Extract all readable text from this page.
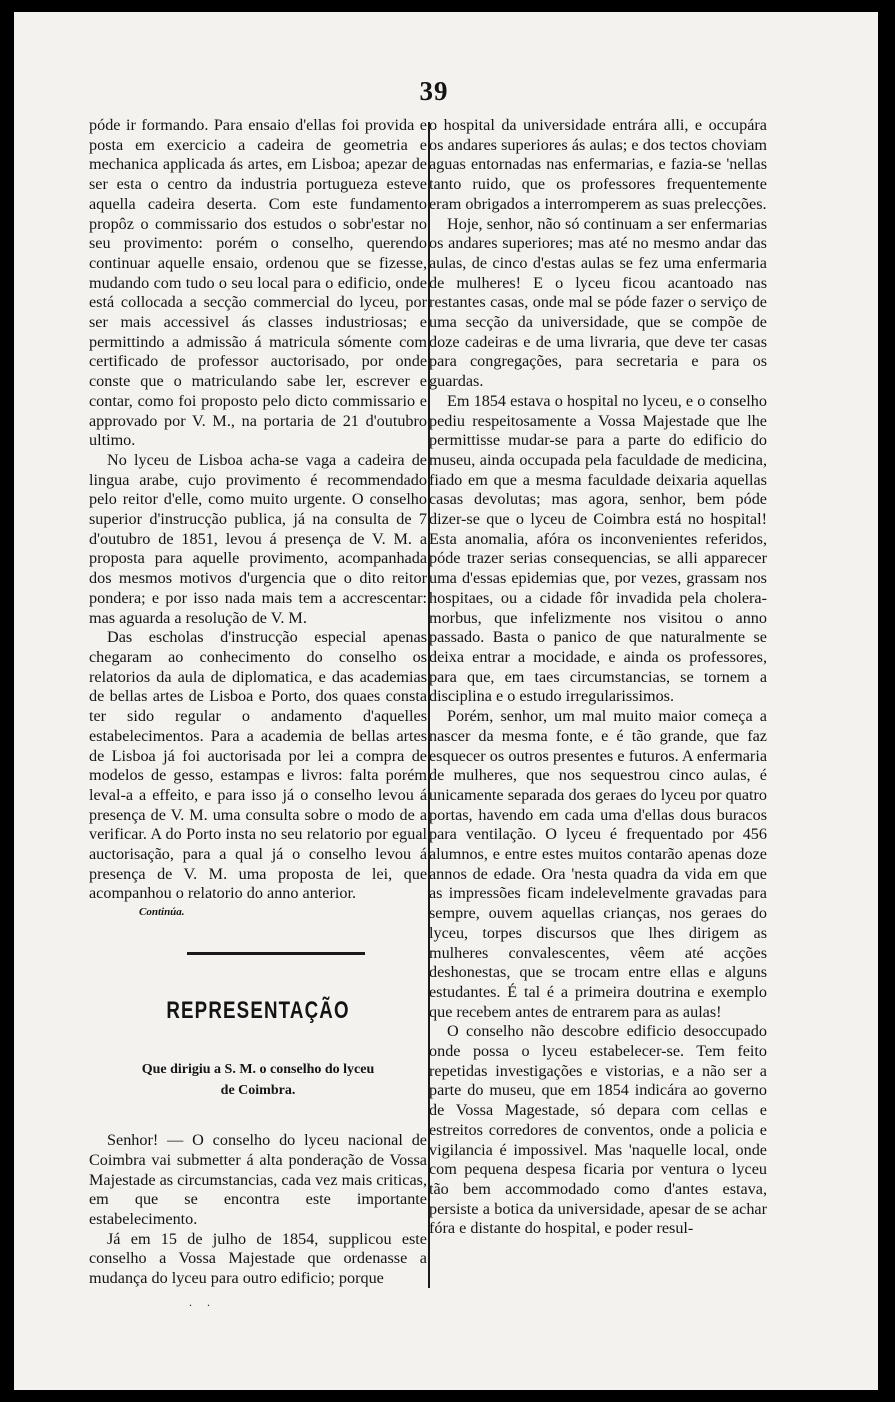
39

póde ir formando. Para ensaio d'ellas foi provida e posta em exercicio a cadeira de geometria e mechanica applicada ás artes, em Lisboa; apezar de ser esta o centro da industria portugueza esteve aquella cadeira deserta. Com este fundamento propôz o commissario dos estudos o sobr'estar no seu provimento: porém o conselho, querendo continuar aquelle ensaio, ordenou que se fizesse, mudando com tudo o seu local para o edificio, onde está collocada a secção commercial do lyceu, por ser mais accessivel ás classes industriosas; e permittindo a admissão á matricula sómente com certificado de professor auctorisado, por onde conste que o matriculando sabe ler, escrever e contar, como foi proposto pelo dicto commissario e approvado por V. M., na portaria de 21 d'outubro ultimo.

No lyceu de Lisboa acha-se vaga a cadeira de lingua arabe, cujo provimento é recommendado pelo reitor d'elle, como muito urgente. O conselho superior d'instrucção publica, já na consulta de 7 d'outubro de 1851, levou á presença de V. M. a proposta para aquelle provimento, acompanhada dos mesmos motivos d'urgencia que o dito reitor pondera; e por isso nada mais tem a accrescentar: mas aguarda a resolução de V. M.

Das escholas d'instrucção especial apenas chegaram ao conhecimento do conselho os relatorios da aula de diplomatica, e das academias de bellas artes de Lisboa e Porto, dos quaes consta ter sido regular o andamento d'aquelles estabelecimentos. Para a academia de bellas artes de Lisboa já foi auctorisada por lei a compra de modelos de gesso, estampas e livros: falta porém leval-a a effeito, e para isso já o conselho levou á presença de V. M. uma consulta sobre o modo de a verificar. A do Porto insta no seu relatorio por egual auctorisação, para a qual já o conselho levou á presença de V. M. uma proposta de lei, que acompanhou o relatorio do anno anterior.

Continúa.
REPRESENTAÇÃO
Que dirigiu a S. M. o conselho do lyceu de Coimbra.

Senhor! — O conselho do lyceu nacional de Coimbra vai submetter á alta ponderação de Vossa Majestade as circumstancias, cada vez mais criticas, em que se encontra este importante estabelecimento.

Já em 15 de julho de 1854, supplicou este conselho a Vossa Majestade que ordenasse a mudança do lyceu para outro edificio; porque

. .

o hospital da universidade entrára alli, e occupára os andares superiores ás aulas; e dos tectos choviam aguas entornadas nas enfermarias, e fazia-se 'nellas tanto ruido, que os professores frequentemente eram obrigados a interromperem as suas prelecções.

Hoje, senhor, não só continuam a ser enfermarias os andares superiores; mas até no mesmo andar das aulas, de cinco d'estas aulas se fez uma enfermaria de mulheres! E o lyceu ficou acantoado nas restantes casas, onde mal se póde fazer o serviço de uma secção da universidade, que se compõe de doze cadeiras e de uma livraria, que deve ter casas para congregações, para secretaria e para os guardas.

Em 1854 estava o hospital no lyceu, e o conselho pediu respeitosamente a Vossa Majestade que lhe permittisse mudar-se para a parte do edificio do museu, ainda occupada pela faculdade de medicina, fiado em que a mesma faculdade deixaria aquellas casas devolutas; mas agora, senhor, bem póde dizer-se que o lyceu de Coimbra está no hospital! Esta anomalia, afóra os inconvenientes referidos, póde trazer serias consequencias, se alli apparecer uma d'essas epidemias que, por vezes, grassam nos hospitaes, ou a cidade fôr invadida pela cholera-morbus, que infelizmente nos visitou o anno passado. Basta o panico de que naturalmente se deixa entrar a mocidade, e ainda os professores, para que, em taes circumstancias, se tornem a disciplina e o estudo irregularissimos.

Porém, senhor, um mal muito maior começa a nascer da mesma fonte, e é tão grande, que faz esquecer os outros presentes e futuros. A enfermaria de mulheres, que nos sequestrou cinco aulas, é unicamente separada dos geraes do lyceu por quatro portas, havendo em cada uma d'ellas dous buracos para ventilação. O lyceu é frequentado por 456 alumnos, e entre estes muitos contarão apenas doze annos de edade. Ora 'nesta quadra da vida em que as impressões ficam indelevelmente gravadas para sempre, ouvem aquellas crianças, nos geraes do lyceu, torpes discursos que lhes dirigem as mulheres convalescentes, vêem até acções deshonestas, que se trocam entre ellas e alguns estudantes. É tal é a primeira doutrina e exemplo que recebem antes de entrarem para as aulas!

O conselho não descobre edificio desoccupado onde possa o lyceu estabelecer-se. Tem feito repetidas investigações e vistorias, e a não ser a parte do museu, que em 1854 indicára ao governo de Vossa Magestade, só depara com cellas e estreitos corredores de conventos, onde a policia e vigilancia é impossivel. Mas 'naquelle local, onde com pequena despesa ficaria por ventura o lyceu tão bem accommodado como d'antes estava, persiste a botica da universidade, apesar de se achar fóra e distante do hospital, e poder resul-
